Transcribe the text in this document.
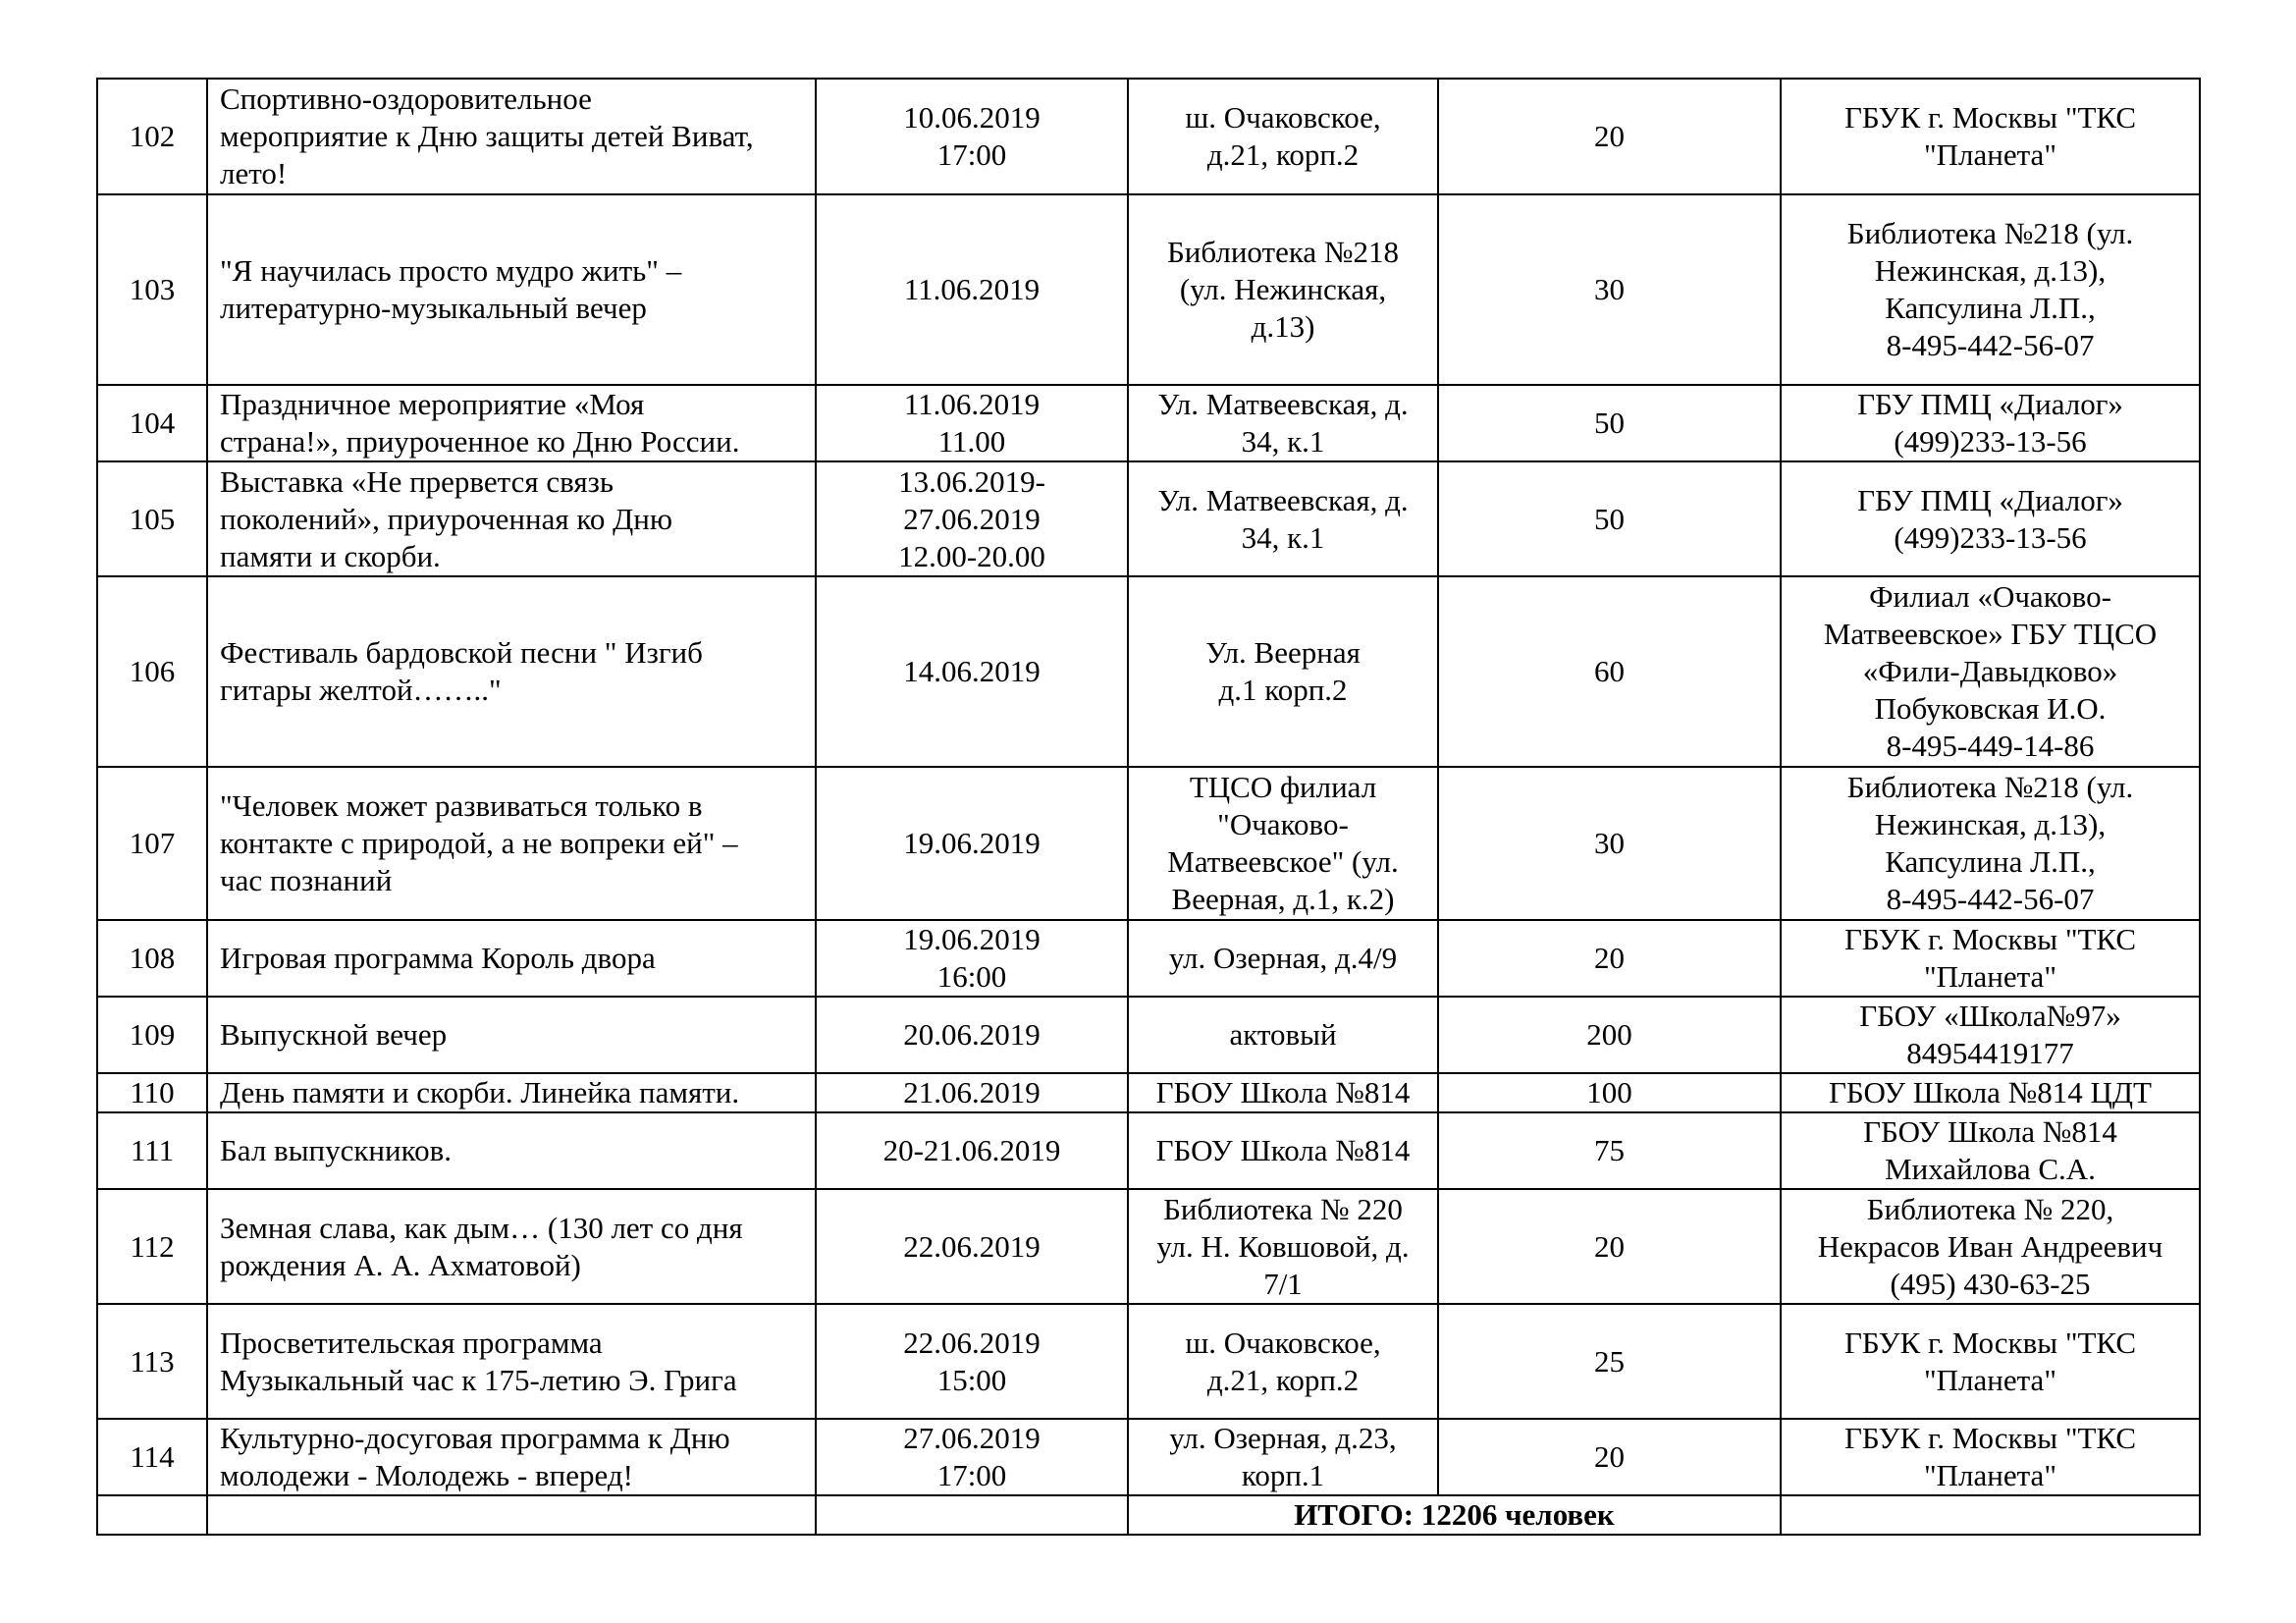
102	Спортивно-оздоровительное
мероприятие к Дню защиты детей Виват,
лето!	10.06.2019
17:00	ш. Очаковское,
д.21, корп.2	20	ГБУК г. Москвы "ТКС
"Планета"

103	"Я научилась просто мудро жить" –
литературно-музыкальный вечер	11.06.2019	Библиотека №218
(ул. Нежинская,
д.13)	30	Библиотека №218 (ул.
Нежинская, д.13),
Капсулина Л.П.,
8-495-442-56-07

104	Праздничное мероприятие «Моя
страна!», приуроченное ко Дню России.	11.06.2019
11.00	Ул. Матвеевская, д.
34, к.1	50	ГБУ ПМЦ «Диалог»
(499)233-13-56

105	Выставка «Не прервется связь
поколений», приуроченная ко Дню
памяти и скорби.	13.06.2019-
27.06.2019
12.00-20.00	Ул. Матвеевская, д.
34, к.1	50	ГБУ ПМЦ «Диалог»
(499)233-13-56

106	Фестиваль бардовской песни " Изгиб
гитары желтой…….."	14.06.2019	Ул. Веерная
д.1 корп.2	60	Филиал «Очаково-
Матвеевское» ГБУ ТЦСО
«Фили-Давыдково»
Побуковская И.О.
8-495-449-14-86

107	"Человек может развиваться только в
контакте с природой, а не вопреки ей" –
час познаний	19.06.2019	ТЦСО филиал
"Очаково-
Матвеевское" (ул.
Веерная, д.1, к.2)	30	Библиотека №218 (ул.
Нежинская, д.13),
Капсулина Л.П.,
8-495-442-56-07

108	Игровая программа Король двора	19.06.2019
16:00	ул. Озерная, д.4/9	20	ГБУК г. Москвы "ТКС
"Планета"

109	Выпускной вечер	20.06.2019	актовый	200	ГБОУ «Школа№97»
84954419177

110	День памяти и скорби. Линейка памяти.	21.06.2019	ГБОУ Школа №814	100	ГБОУ Школа №814 ЦДТ

111	Бал выпускников.	20-21.06.2019	ГБОУ Школа №814	75	ГБОУ Школа №814
Михайлова С.А.

112	Земная слава, как дым… (130 лет со дня
рождения А. А. Ахматовой)	22.06.2019	Библиотека № 220
ул. Н. Ковшовой, д.
7/1	20	Библиотека № 220,
Некрасов Иван Андреевич
(495) 430-63-25

113	Просветительская программа
Музыкальный час к 175-летию Э. Грига	22.06.2019
15:00	ш. Очаковское,
д.21, корп.2	25	ГБУК г. Москвы "ТКС
"Планета"

114	Культурно-досуговая программа к Дню
молодежи - Молодежь - вперед!	27.06.2019
17:00	ул. Озерная, д.23,
корп.1	20	ГБУК г. Москвы "ТКС
"Планета"

			ИТОГО: 12206 человек		
